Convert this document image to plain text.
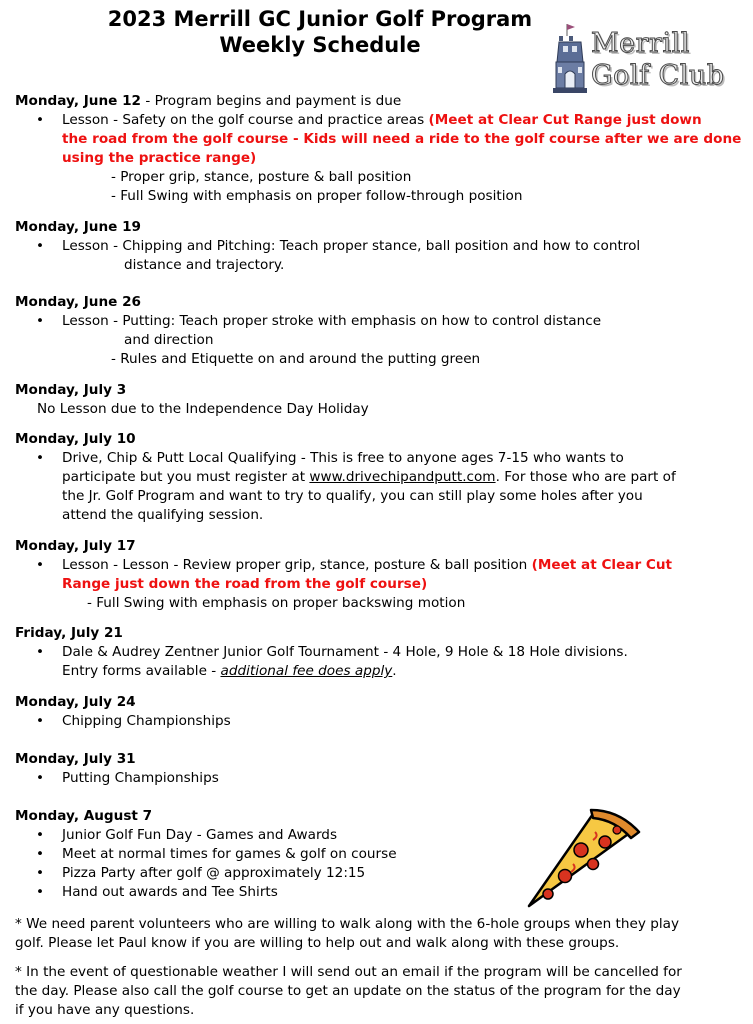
2023 Merrill GC Junior Golf Program
Weekly Schedule	Merrill
Golf Club
Monday, June 12 - Program begins and payment is due
• Lesson - Safety on the golf course and practice areas (Meet at Clear Cut Range just down
the road from the golf course - Kids will need a ride to the golf course after we are done
using the practice range)
- Proper grip, stance, posture & ball position
- Full Swing with emphasis on proper follow-through position
Monday, June 19
• Lesson - Chipping and Pitching: Teach proper stance, ball position and how to control
distance and trajectory.
Monday, June 26
• Lesson - Putting: Teach proper stroke with emphasis on how to control distance
and direction
- Rules and Etiquette on and around the putting green
Monday, July 3
No Lesson due to the Independence Day Holiday
Monday, July 10
• Drive, Chip & Putt Local Qualifying - This is free to anyone ages 7-15 who wants to
participate but you must register at www.drivechipandputt.com. For those who are part of
the Jr. Golf Program and want to try to qualify, you can still play some holes after you
attend the qualifying session.
Monday, July 17
• Lesson - Lesson - Review proper grip, stance, posture & ball position (Meet at Clear Cut
Range just down the road from the golf course)
- Full Swing with emphasis on proper backswing motion
Friday, July 21
• Dale & Audrey Zentner Junior Golf Tournament - 4 Hole, 9 Hole & 18 Hole divisions.
Entry forms available - additional fee does apply.
Monday, July 24
• Chipping Championships
Monday, July 31
• Putting Championships
Monday, August 7
• Junior Golf Fun Day - Games and Awards
• Meet at normal times for games & golf on course
• Pizza Party after golf @ approximately 12:15
• Hand out awards and Tee Shirts
* We need parent volunteers who are willing to walk along with the 6-hole groups when they play
golf. Please let Paul know if you are willing to help out and walk along with these groups.
* In the event of questionable weather I will send out an email if the program will be cancelled for
the day. Please also call the golf course to get an update on the status of the program for the day
if you have any questions.
